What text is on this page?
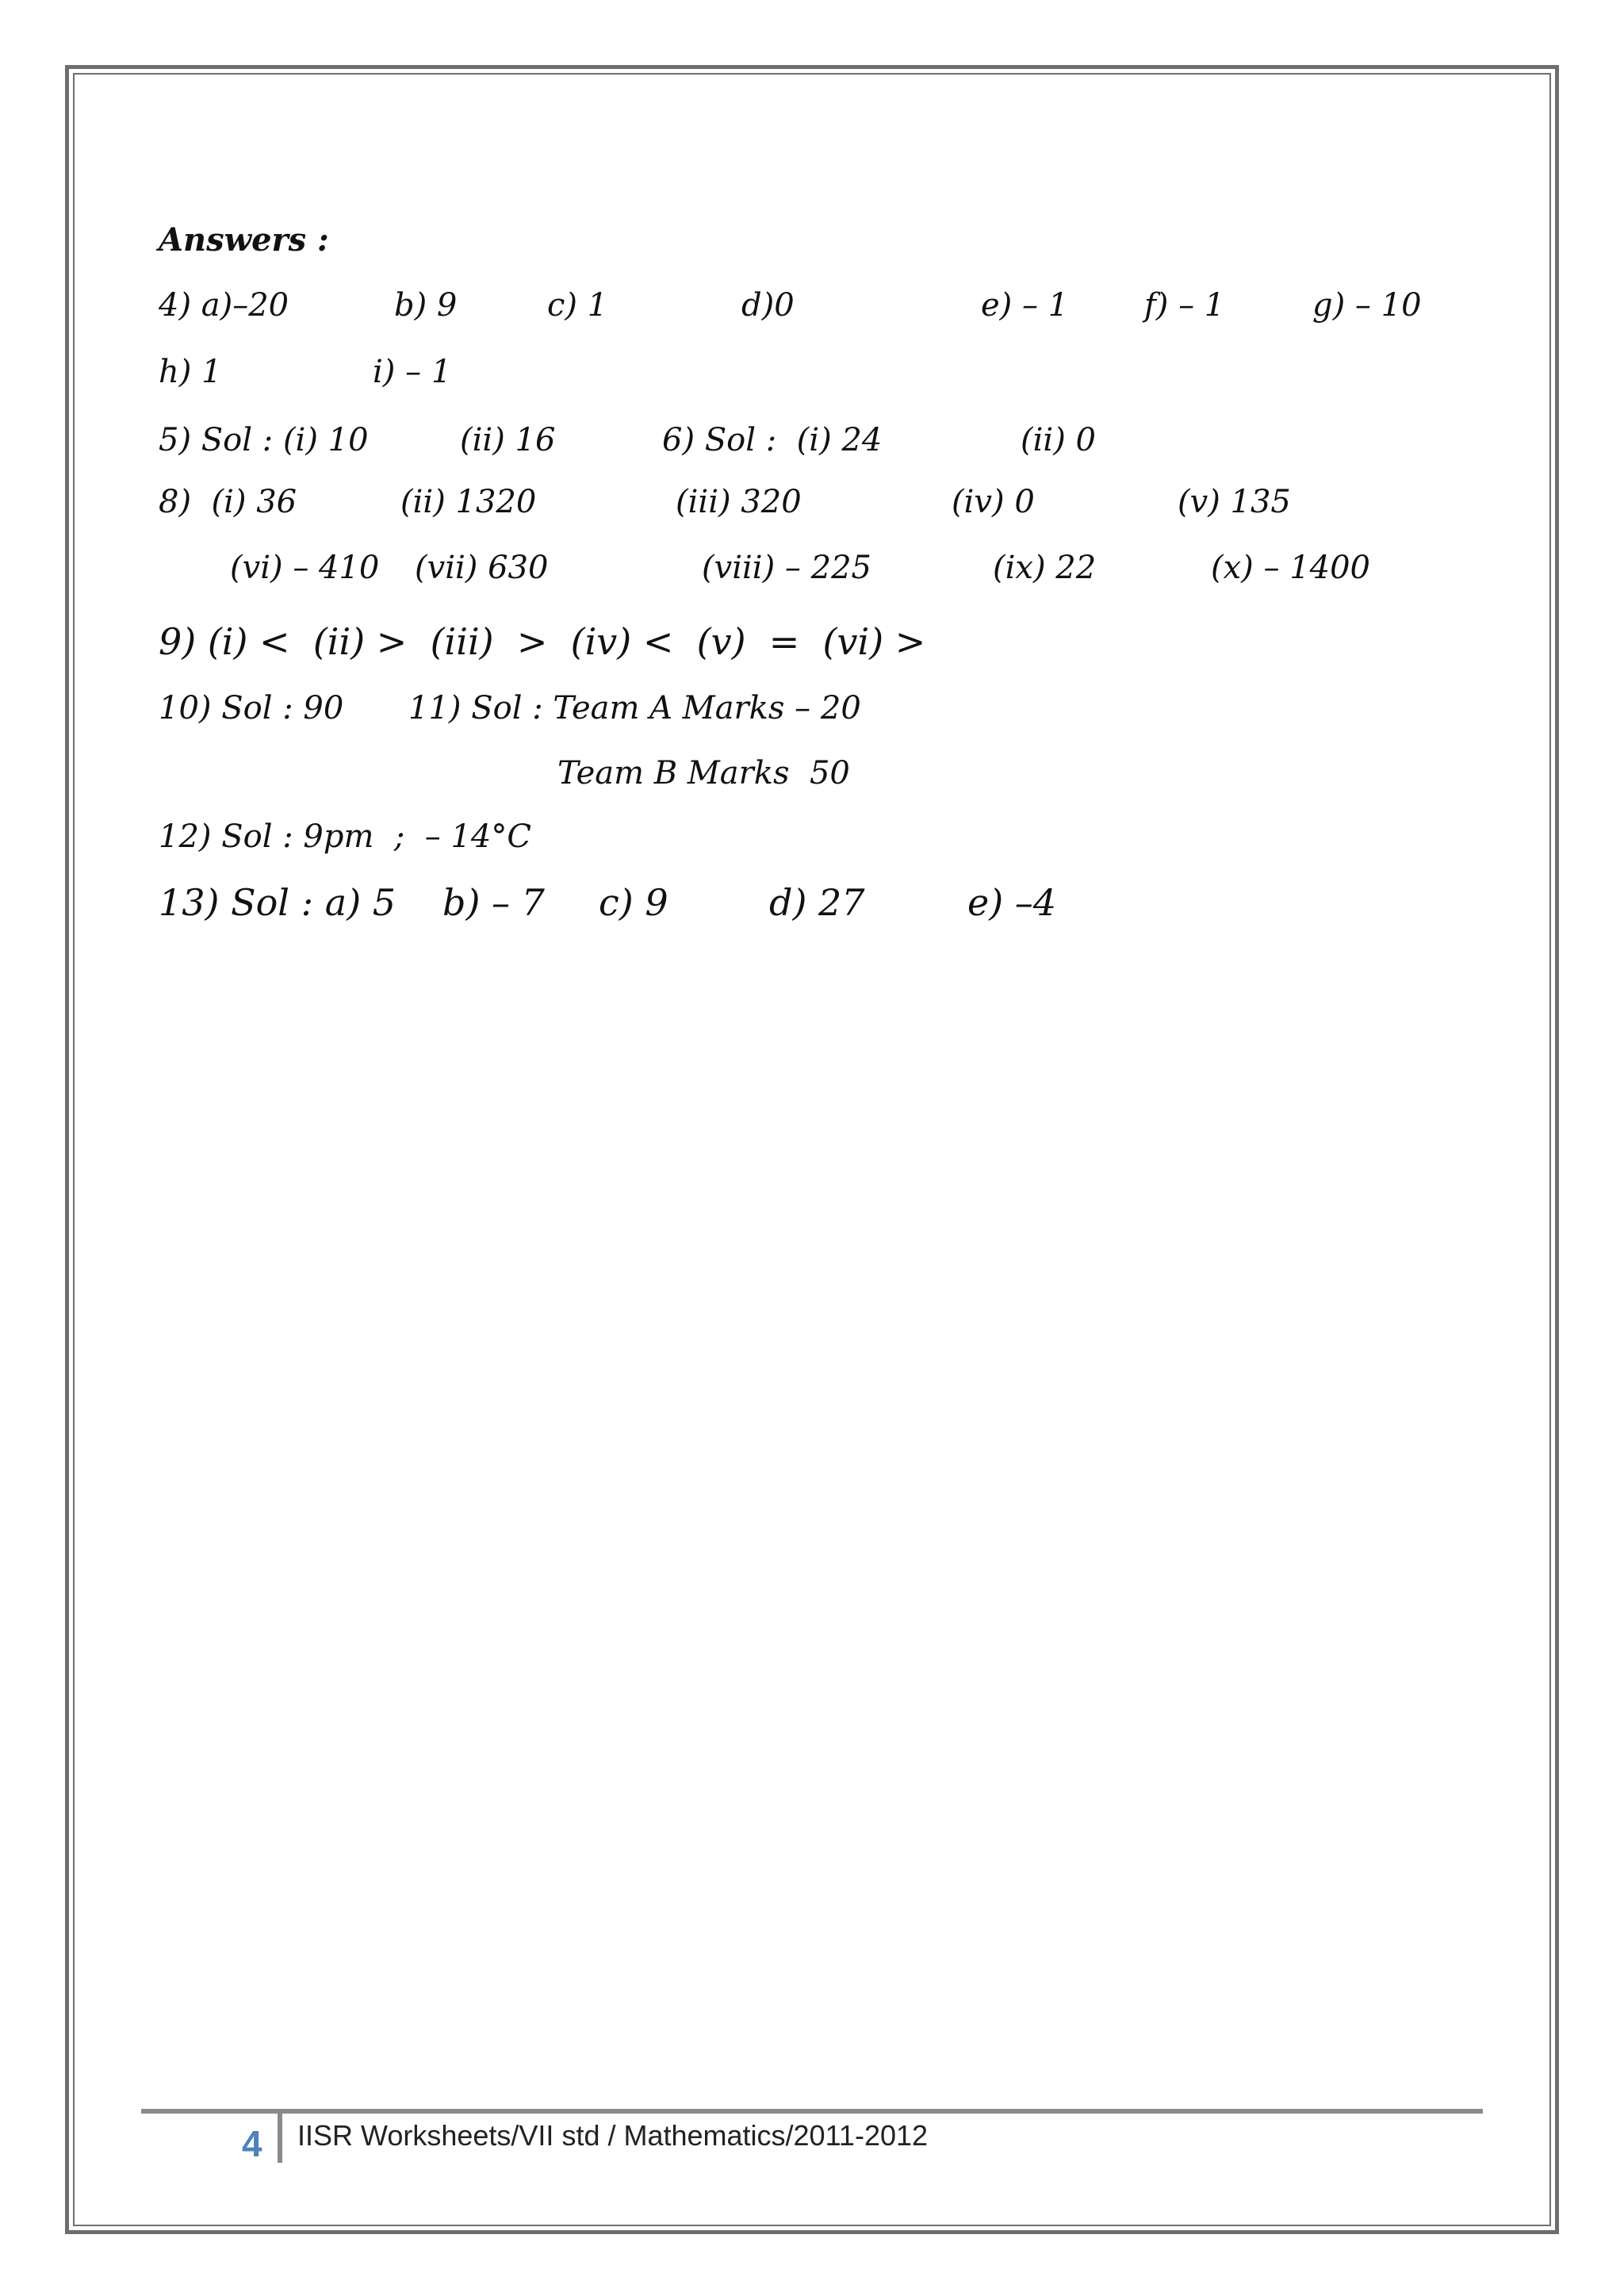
Answers :
4) a)–20	b) 9	c) 1	d)0	e) – 1 f) – 1	g) – 10
h) 1	i) – 1
5) Sol : (i) 10	(ii) 16	6) Sol :  (i) 24	(ii) 0
8)  (i) 36	(ii) 1320	(iii) 320	(iv) 0	(v) 135
(vi) – 410 (vii) 630	(viii) – 225	(ix) 22	(x) – 1400
9) (i) <  (ii) >  (iii)  >  (iv) <  (v)  =  (vi) >
10) Sol : 90 11) Sol : Team A Marks – 20
Team B Marks  50
12) Sol : 9pm  ;  – 14°C
13) Sol : a) 5 b) – 7 c) 9	d) 27	e) –4
4 IISR Worksheets/VII std / Mathematics/2011-2012
